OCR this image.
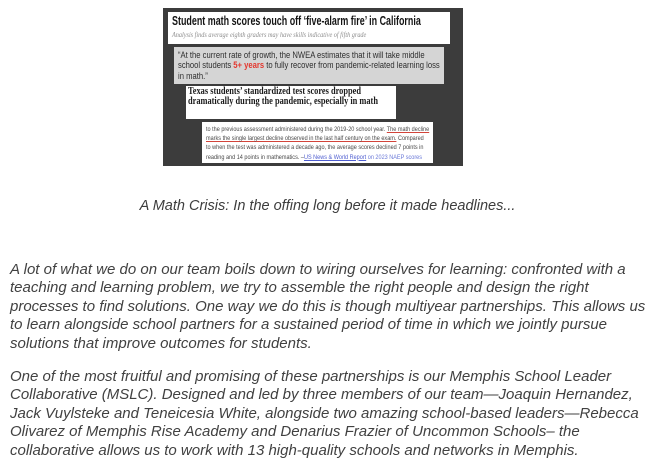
Student math scores touch off ‘five-alarm fire’ in California
Analysis finds average eighth graders may have skills indicative of fifth grade
“At the current rate of growth, the NWEA estimates that it will take middle school students 5+ years to fully recover from pandemic-related learning loss in math.”
Texas students’ standardized test scores dropped dramatically during the pandemic, especially in math
to the previous assessment administered during the 2019-20 school year. The math decline marks the single largest decline observed in the last half century on the exam. Compared to when the test was administered a decade ago, the average scores declined 7 points in reading and 14 points in mathematics. –US News & World Report on 2023 NAEP scores
A Math Crisis: In the offing long before it made headlines...

A lot of what we do on our team boils down to wiring ourselves for learning: confronted with a teaching and learning problem, we try to assemble the right people and design the right processes to find solutions. One way we do this is though multiyear partnerships. This allows us to learn alongside school partners for a sustained period of time in which we jointly pursue solutions that improve outcomes for students.

One of the most fruitful and promising of these partnerships is our Memphis School Leader Collaborative (MSLC). Designed and led by three members of our team—Joaquin Hernandez, Jack Vuylsteke and Teneicesia White, alongside two amazing school-based leaders—Rebecca Olivarez of Memphis Rise Academy and Denarius Frazier of Uncommon Schools– the collaborative allows us to work with 13 high-quality schools and networks in Memphis.
